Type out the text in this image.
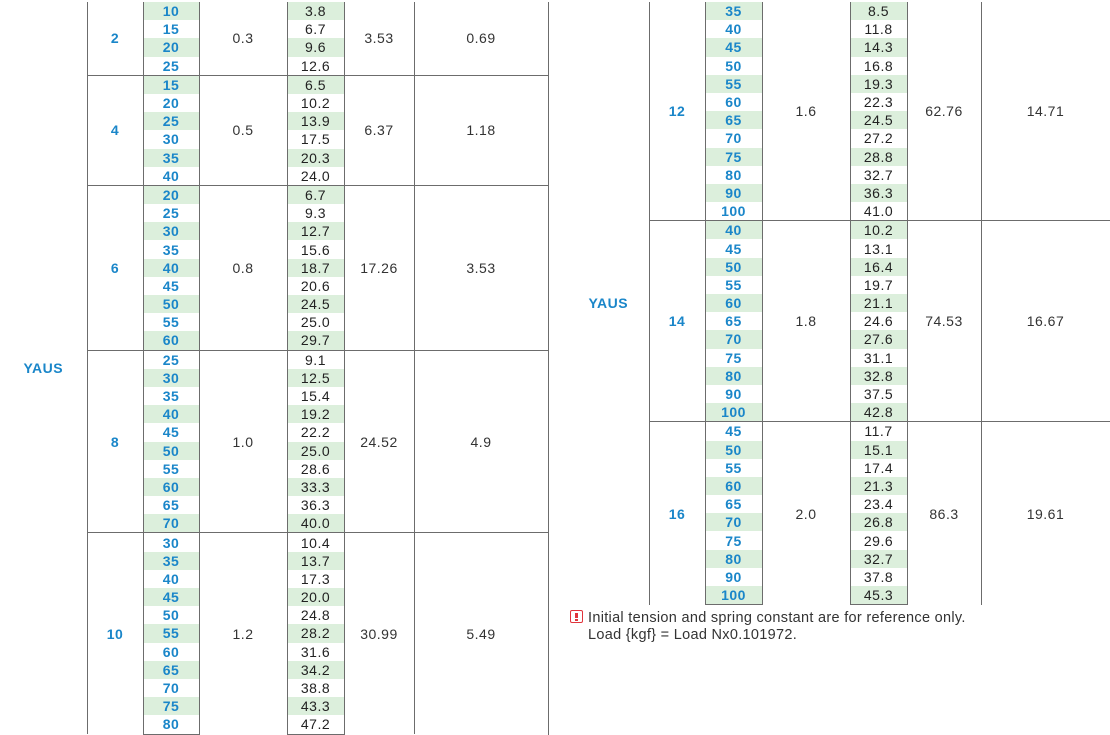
YAUS	2	10	0.3	3.8	3.53	0.69	
		15		6.7	
		20		9.6	
		25		12.6	
	4	15	0.5	6.5	6.37	1.18	
		20		10.2	
		25		13.9	
		30		17.5	
		35		20.3	
		40		24.0	
	6	20	0.8	6.7	17.26	3.53	
		25		9.3	
		30		12.7	
		35		15.6	
		40		18.7	
		45		20.6	
		50		24.5	
		55		25.0	
		60		29.7	
	8	25	1.0	9.1	24.52	4.9	
		30		12.5	
		35		15.4	
		40		19.2	
		45		22.2	
		50		25.0	
		55		28.6	
		60		33.3	
		65		36.3	
		70		40.0	
	10	30	1.2	10.4	30.99	5.49	
		35		13.7	
		40		17.3	
		45		20.0	
		50		24.8	
		55		28.2	
		60		31.6	
		65		34.2	
		70		38.8	
		75		43.3	
		80		47.2	
YAUS	12	35	1.6	8.5	62.76	14.71	
		40		11.8	
		45		14.3	
		50		16.8	
		55		19.3	
		60		22.3	
		65		24.5	
		70		27.2	
		75		28.8	
		80		32.7	
		90		36.3	
		100		41.0	
	14	40	1.8	10.2	74.53	16.67	
		45		13.1	
		50		16.4	
		55		19.7	
		60		21.1	
		65		24.6	
		70		27.6	
		75		31.1	
		80		32.8	
		90		37.5	
		100		42.8	
	16	45	2.0	11.7	86.3	19.61	
		50		15.1	
		55		17.4	
		60		21.3	
		65		23.4	
		70		26.8	
		75		29.6	
		80		32.7	
		90		37.8	
		100		45.3	
Initial tension and spring constant are for reference only.
Load {kgf} = Load Nx0.101972.
